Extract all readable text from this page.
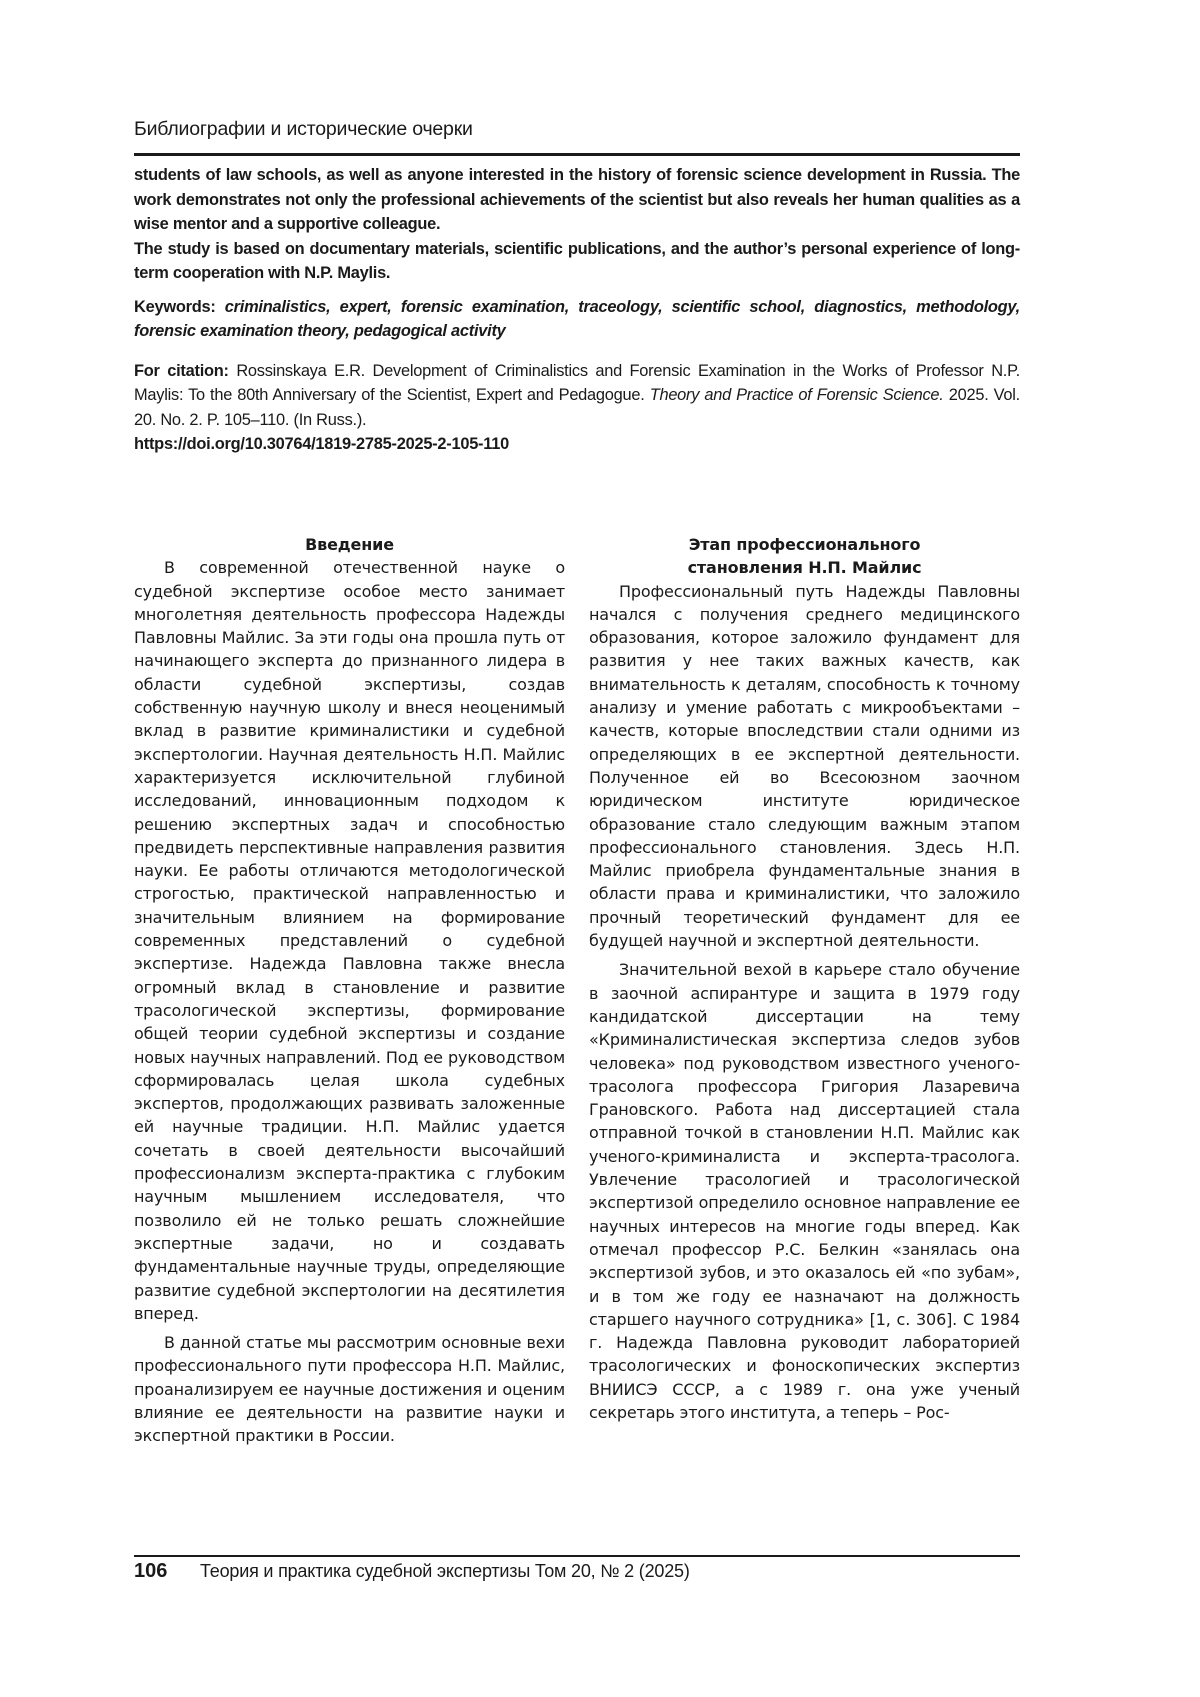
Библиографии и исторические очерки

students of law schools, as well as anyone interested in the history of forensic science development in Russia. The work demonstrates not only the professional achievements of the scientist but also reveals her human qualities as a wise mentor and a supportive colleague.

The study is based on documentary materials, scientific publications, and the author’s personal experience of long-term cooperation with N.P. Maylis.

Keywords: criminalistics, expert, forensic examination, traceology, scientific school, diagnostics, methodology, forensic examination theory, pedagogical activity

For citation: Rossinskaya E.R. Development of Criminalistics and Forensic Examination in the Works of Professor N.P. Maylis: To the 80th Anniversary of the Scientist, Expert and Pedagogue. Theory and Practice of Forensic Science. 2025. Vol. 20. No. 2. P. 105–110. (In Russ.).
https://doi.org/10.30764/1819-2785-2025-2-105-110

Введение

В современной отечественной науке о судебной экспертизе особое место занимает многолетняя деятельность профессора Надежды Павловны Майлис. За эти годы она прошла путь от начинающего эксперта до признанного лидера в области судебной экспертизы, создав собственную научную школу и внеся неоценимый вклад в развитие криминалистики и судебной экспертологии. Научная деятельность Н.П. Майлис характеризуется исключительной глубиной исследований, инновационным подходом к решению экспертных задач и способностью предвидеть перспективные направления развития науки. Ее работы отличаются методологической строгостью, практической направленностью и значительным влиянием на формирование современных представлений о судебной экспертизе. Надежда Павловна также внесла огромный вклад в становление и развитие трасологической экспертизы, формирование общей теории судебной экспертизы и создание новых научных направлений. Под ее руководством сформировалась целая школа судебных экспертов, продолжающих развивать заложенные ей научные традиции. Н.П. Майлис удается сочетать в своей деятельности высочайший профессионализм эксперта-практика с глубоким научным мышлением исследователя, что позволило ей не только решать сложнейшие экспертные задачи, но и создавать фундаментальные научные труды, определяющие развитие судебной экспертологии на десятилетия вперед.

В данной статье мы рассмотрим основные вехи профессионального пути профессора Н.П. Майлис, проанализируем ее научные достижения и оценим влияние ее деятельности на развитие науки и экспертной практики в России.

Этап профессионального
становления Н.П. Майлис

Профессиональный путь Надежды Павловны начался с получения среднего медицинского образования, которое заложило фундамент для развития у нее таких важных качеств, как внимательность к деталям, способность к точному анализу и умение работать с микрообъектами – качеств, которые впоследствии стали одними из определяющих в ее экспертной деятельности. Полученное ей во Всесоюзном заочном юридическом институте юридическое образование стало следующим важным этапом профессионального становления. Здесь Н.П. Майлис приобрела фундаментальные знания в области права и криминалистики, что заложило прочный теоретический фундамент для ее будущей научной и экспертной деятельности.

Значительной вехой в карьере стало обучение в заочной аспирантуре и защита в 1979 году кандидатской диссертации на тему «Криминалистическая экспертиза следов зубов человека» под руководством известного ученого-трасолога профессора Григория Лазаревича Грановского. Работа над диссертацией стала отправной точкой в становлении Н.П. Майлис как ученого-криминалиста и эксперта-трасолога. Увлечение трасологией и трасологической экспертизой определило основное направление ее научных интересов на многие годы вперед. Как отмечал профессор Р.С. Белкин «занялась она экспертизой зубов, и это оказалось ей «по зубам», и в том же году ее назначают на должность старшего научного сотрудника» [1, с. 306]. С 1984 г. Надежда Павловна руководит лабораторией трасологических и фоноскопических экспертиз ВНИИСЭ СССР, а с 1989 г. она уже ученый секретарь этого института, а теперь – Рос-

106	Теория и практика судебной экспертизы Том 20, № 2 (2025)
